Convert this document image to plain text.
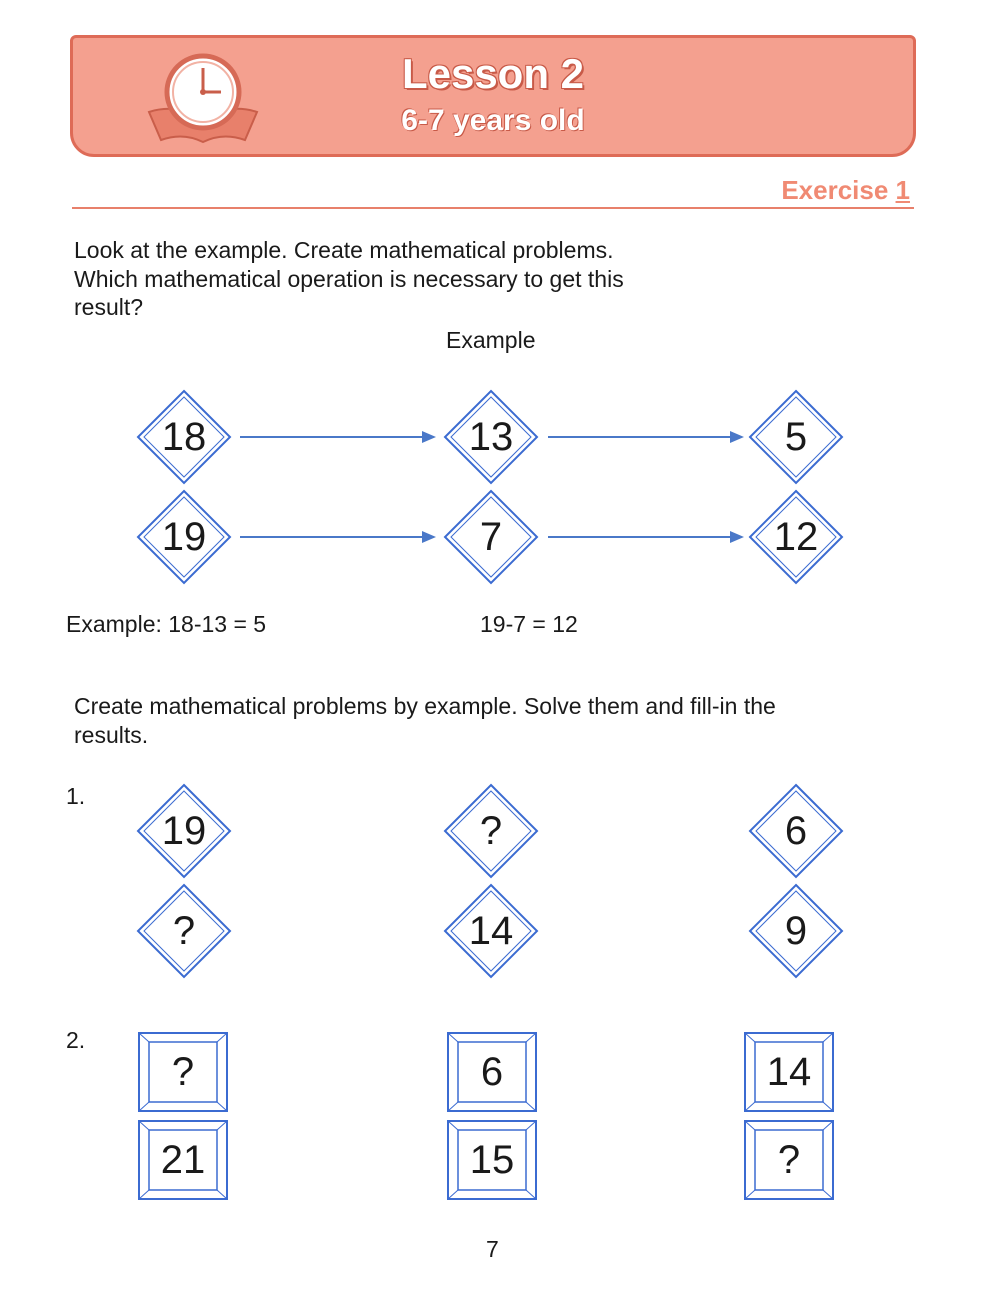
Lesson 2
6-7 years old
Exercise 1
Look at the example. Create mathematical problems.
Which mathematical operation is necessary to get this
result?
Example
18	13	5
19	7	12
Example: 18-13 = 5	19-7 = 12
Create mathematical problems by example. Solve them and fill-in the
results.
1.
19	?	6
?	14	9
2.
?	6	14
21	15	?
7
